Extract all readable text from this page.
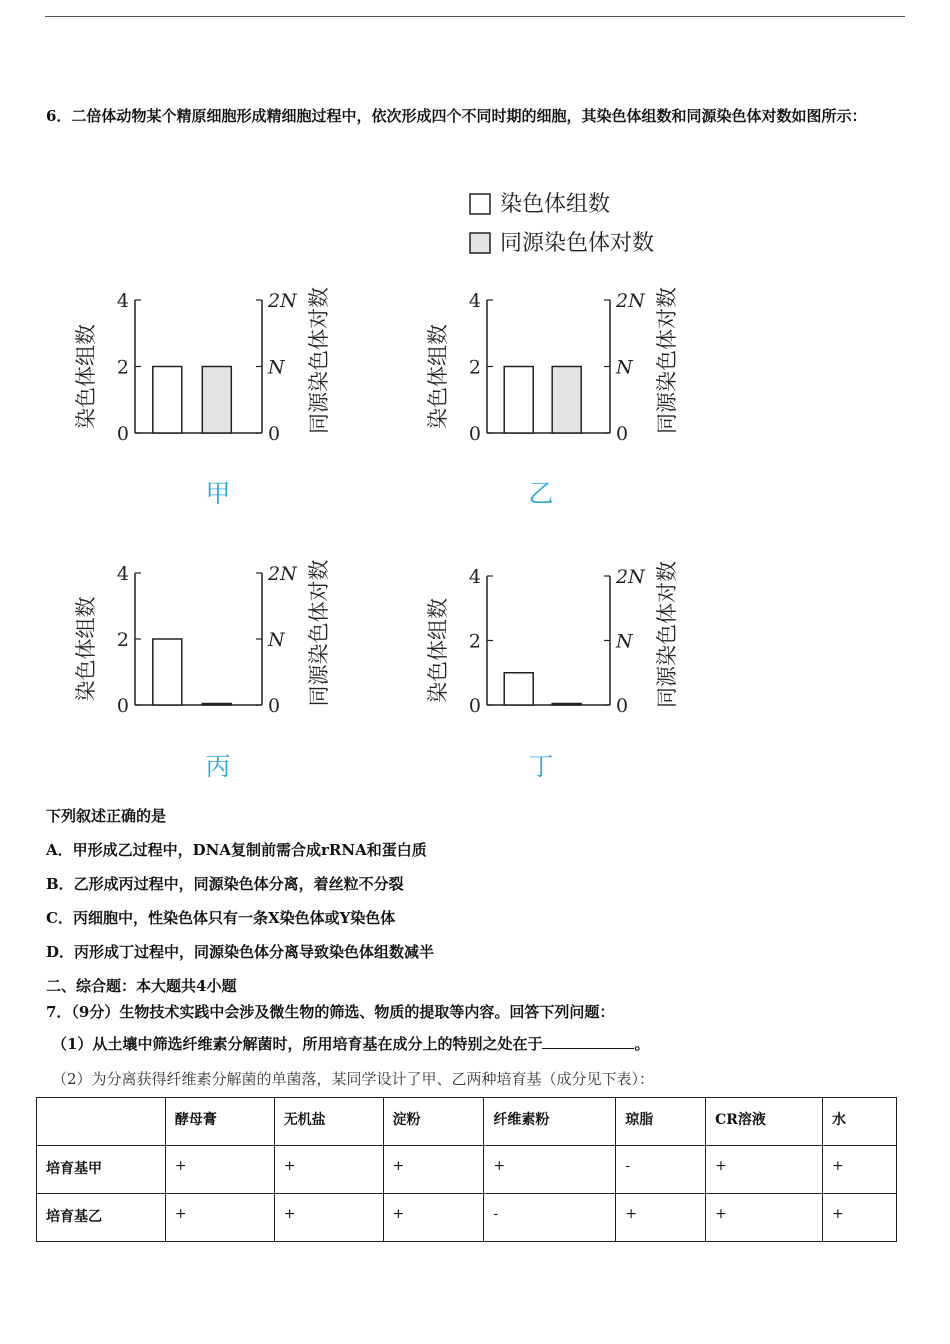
6．二倍体动物某个精原细胞形成精细胞过程中，依次形成四个不同时期的细胞，其染色体组数和同源染色体对数如图所示：
染色体组数
同源染色体对数
4	2N
2	N
0	0
染色体组数	同源染色体对数
甲
4	2N
2	N
0	0
染色体组数	同源染色体对数
乙
4	2N
2	N
0	0
染色体组数	同源染色体对数
丙
4	2N
2	N
0	0
染色体组数	同源染色体对数
丁
下列叙述正确的是
A．甲形成乙过程中，DNA复制前需合成rRNA和蛋白质
B．乙形成丙过程中，同源染色体分离，着丝粒不分裂
C．丙细胞中，性染色体只有一条X染色体或Y染色体
D．丙形成丁过程中，同源染色体分离导致染色体组数减半
二、综合题：本大题共4小题
7．（9分）生物技术实践中会涉及微生物的筛选、物质的提取等内容。回答下列问题：
（1）从土壤中筛选纤维素分解菌时，所用培育基在成分上的特别之处在于	。
（2）为分离获得纤维素分解菌的单菌落，某同学设计了甲、乙两种培育基（成分见下表）：
	酵母膏	无机盐	淀粉	纤维素粉	琼脂	CR溶液	水
培育基甲	+	+	+	+	-	+	+
培育基乙	+	+	+	-	+	+	+
